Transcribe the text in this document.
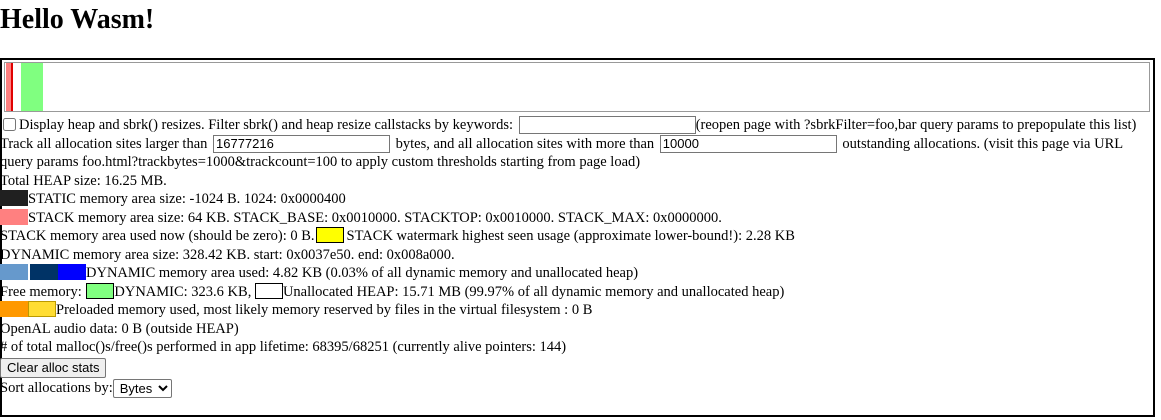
Hello Wasm!
Display heap and sbrk() resizes. Filter sbrk() and heap resize callstacks by keywords:	(reopen page with ?sbrkFilter=foo,bar query params to prepopulate this list)
Track all allocation sites larger than 16777216	bytes, and all allocation sites with more than 10000	outstanding allocations. (visit this page via URL query params foo.html?trackbytes=1000&trackcount=100 to apply custom thresholds starting from page load)
Total HEAP size: 16.25 MB.
STATIC memory area size: -1024 B. 1024: 0x0000400
STACK memory area size: 64 KB. STACK_BASE: 0x0010000. STACKTOP: 0x0010000. STACK_MAX: 0x0000000.
STACK memory area used now (should be zero): 0 B. STACK watermark highest seen usage (approximate lower-bound!): 2.28 KB
DYNAMIC memory area size: 328.42 KB. start: 0x0037e50. end: 0x008a000.
DYNAMIC memory area used: 4.82 KB (0.03% of all dynamic memory and unallocated heap)
Free memory: DYNAMIC: 323.6 KB, Unallocated HEAP: 15.71 MB (99.97% of all dynamic memory and unallocated heap)
Preloaded memory used, most likely memory reserved by files in the virtual filesystem : 0 B
OpenAL audio data: 0 B (outside HEAP)
# of total malloc()s/free()s performed in app lifetime: 68395/68251 (currently alive pointers: 144)
Clear alloc stats
Sort allocations by:
Bytes
